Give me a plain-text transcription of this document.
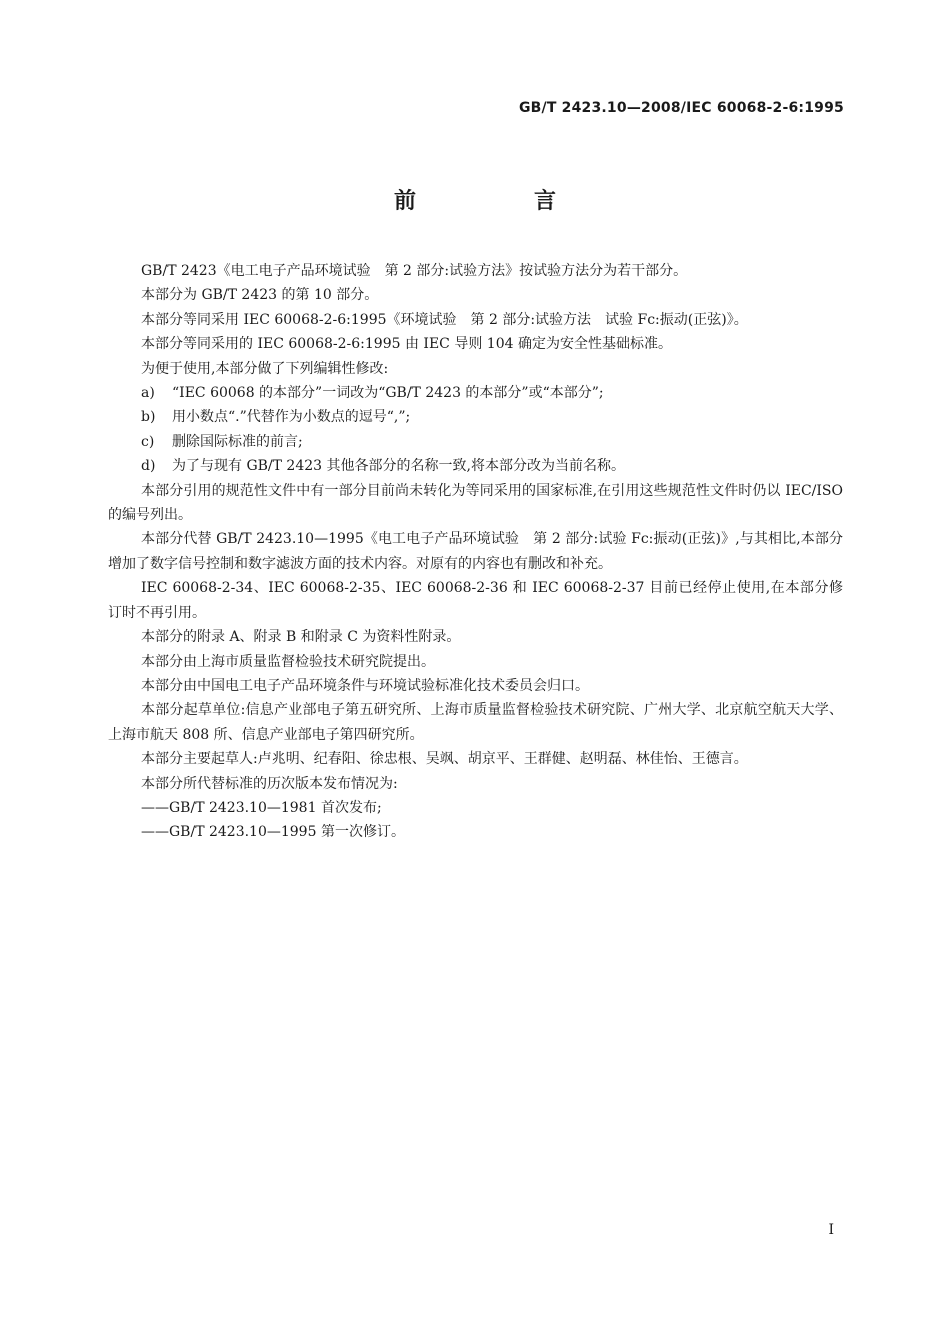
GB/T 2423.10—2008/IEC 60068-2-6:1995
前　言

GB/T 2423《电工电子产品环境试验　第 2 部分:试验方法》按试验方法分为若干部分。

本部分为 GB/T 2423 的第 10 部分。

本部分等同采用 IEC 60068-2-6:1995《环境试验　第 2 部分:试验方法　试验 Fc:振动(正弦)》。

本部分等同采用的 IEC 60068-2-6:1995 由 IEC 导则 104 确定为安全性基础标准。

为便于使用,本部分做了下列编辑性修改:

a) “IEC 60068 的本部分”一词改为“GB/T 2423 的本部分”或“本部分”;

b) 用小数点“.”代替作为小数点的逗号“,”;

c) 删除国际标准的前言;

d) 为了与现有 GB/T 2423 其他各部分的名称一致,将本部分改为当前名称。

本部分引用的规范性文件中有一部分目前尚未转化为等同采用的国家标准,在引用这些规范性文件时仍以 IEC/ISO 的编号列出。

本部分代替 GB/T 2423.10—1995《电工电子产品环境试验　第 2 部分:试验 Fc:振动(正弦)》,与其相比,本部分增加了数字信号控制和数字滤波方面的技术内容。对原有的内容也有删改和补充。

IEC 60068-2-34、IEC 60068-2-35、IEC 60068-2-36 和 IEC 60068-2-37 目前已经停止使用,在本部分修订时不再引用。

本部分的附录 A、附录 B 和附录 C 为资料性附录。

本部分由上海市质量监督检验技术研究院提出。

本部分由中国电工电子产品环境条件与环境试验标准化技术委员会归口。

本部分起草单位:信息产业部电子第五研究所、上海市质量监督检验技术研究院、广州大学、北京航空航天大学、上海市航天 808 所、信息产业部电子第四研究所。

本部分主要起草人:卢兆明、纪春阳、徐忠根、吴飒、胡京平、王群健、赵明磊、林佳怡、王德言。

本部分所代替标准的历次版本发布情况为:

——GB/T 2423.10—1981 首次发布;

——GB/T 2423.10—1995 第一次修订。

I
